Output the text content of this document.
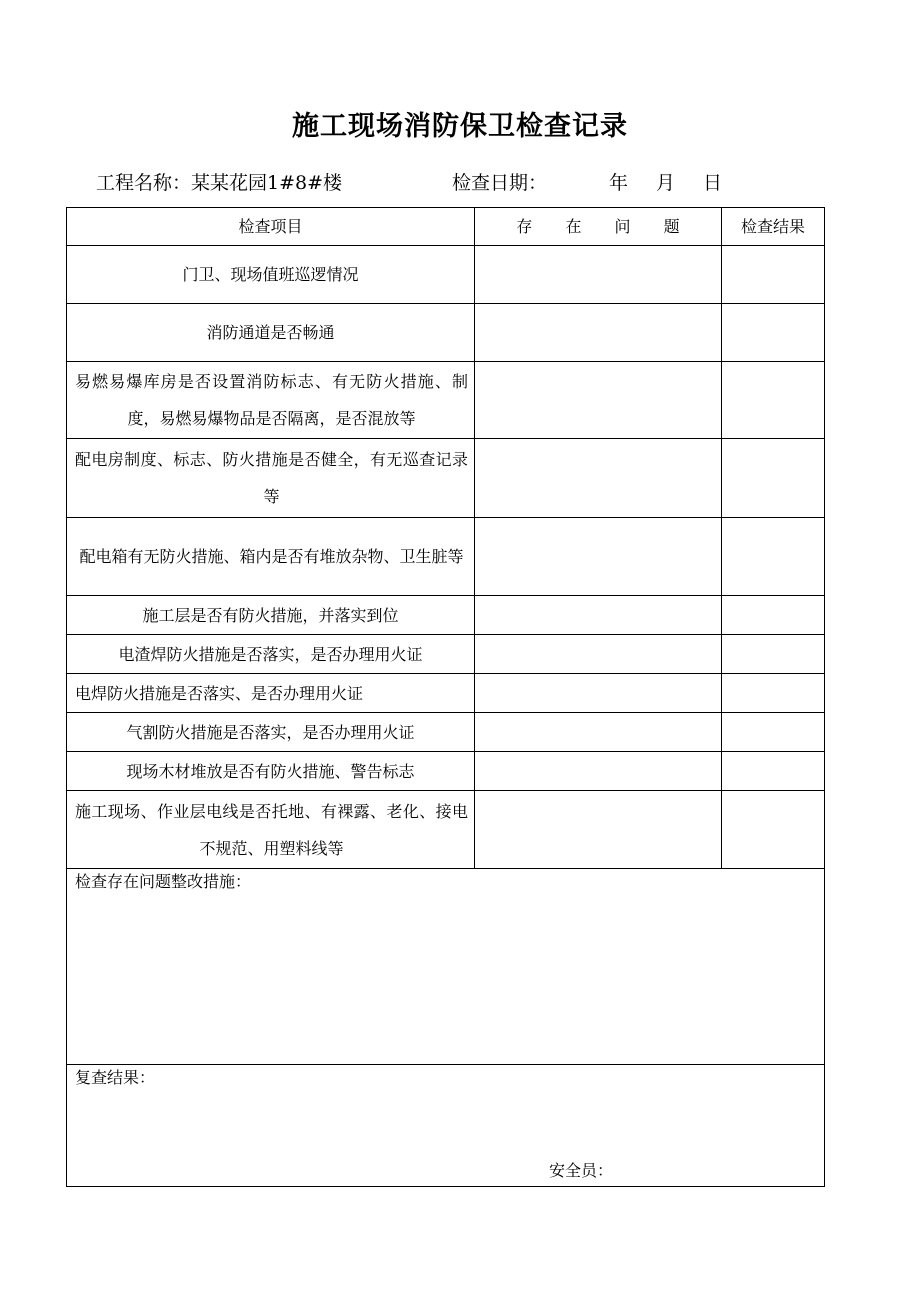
施工现场消防保卫检查记录
工程名称：某某花园1#8#楼	检查日期：	年 月 日
检查项目	存 在 问 题	检查结果
门卫、现场值班巡逻情况		
消防通道是否畅通		
易燃易爆库房是否设置消防标志、有无防火措施、制度，易燃易爆物品是否隔离，是否混放等		
配电房制度、标志、防火措施是否健全，有无巡查记录等		
配电箱有无防火措施、箱内是否有堆放杂物、卫生脏等		
施工层是否有防火措施，并落实到位		
电渣焊防火措施是否落实，是否办理用火证		
电焊防火措施是否落实、是否办理用火证		
气割防火措施是否落实，是否办理用火证		
现场木材堆放是否有防火措施、警告标志		
施工现场、作业层电线是否托地、有裸露、老化、接电不规范、用塑料线等		
检查存在问题整改措施：		
复查结果：
安全员：		
